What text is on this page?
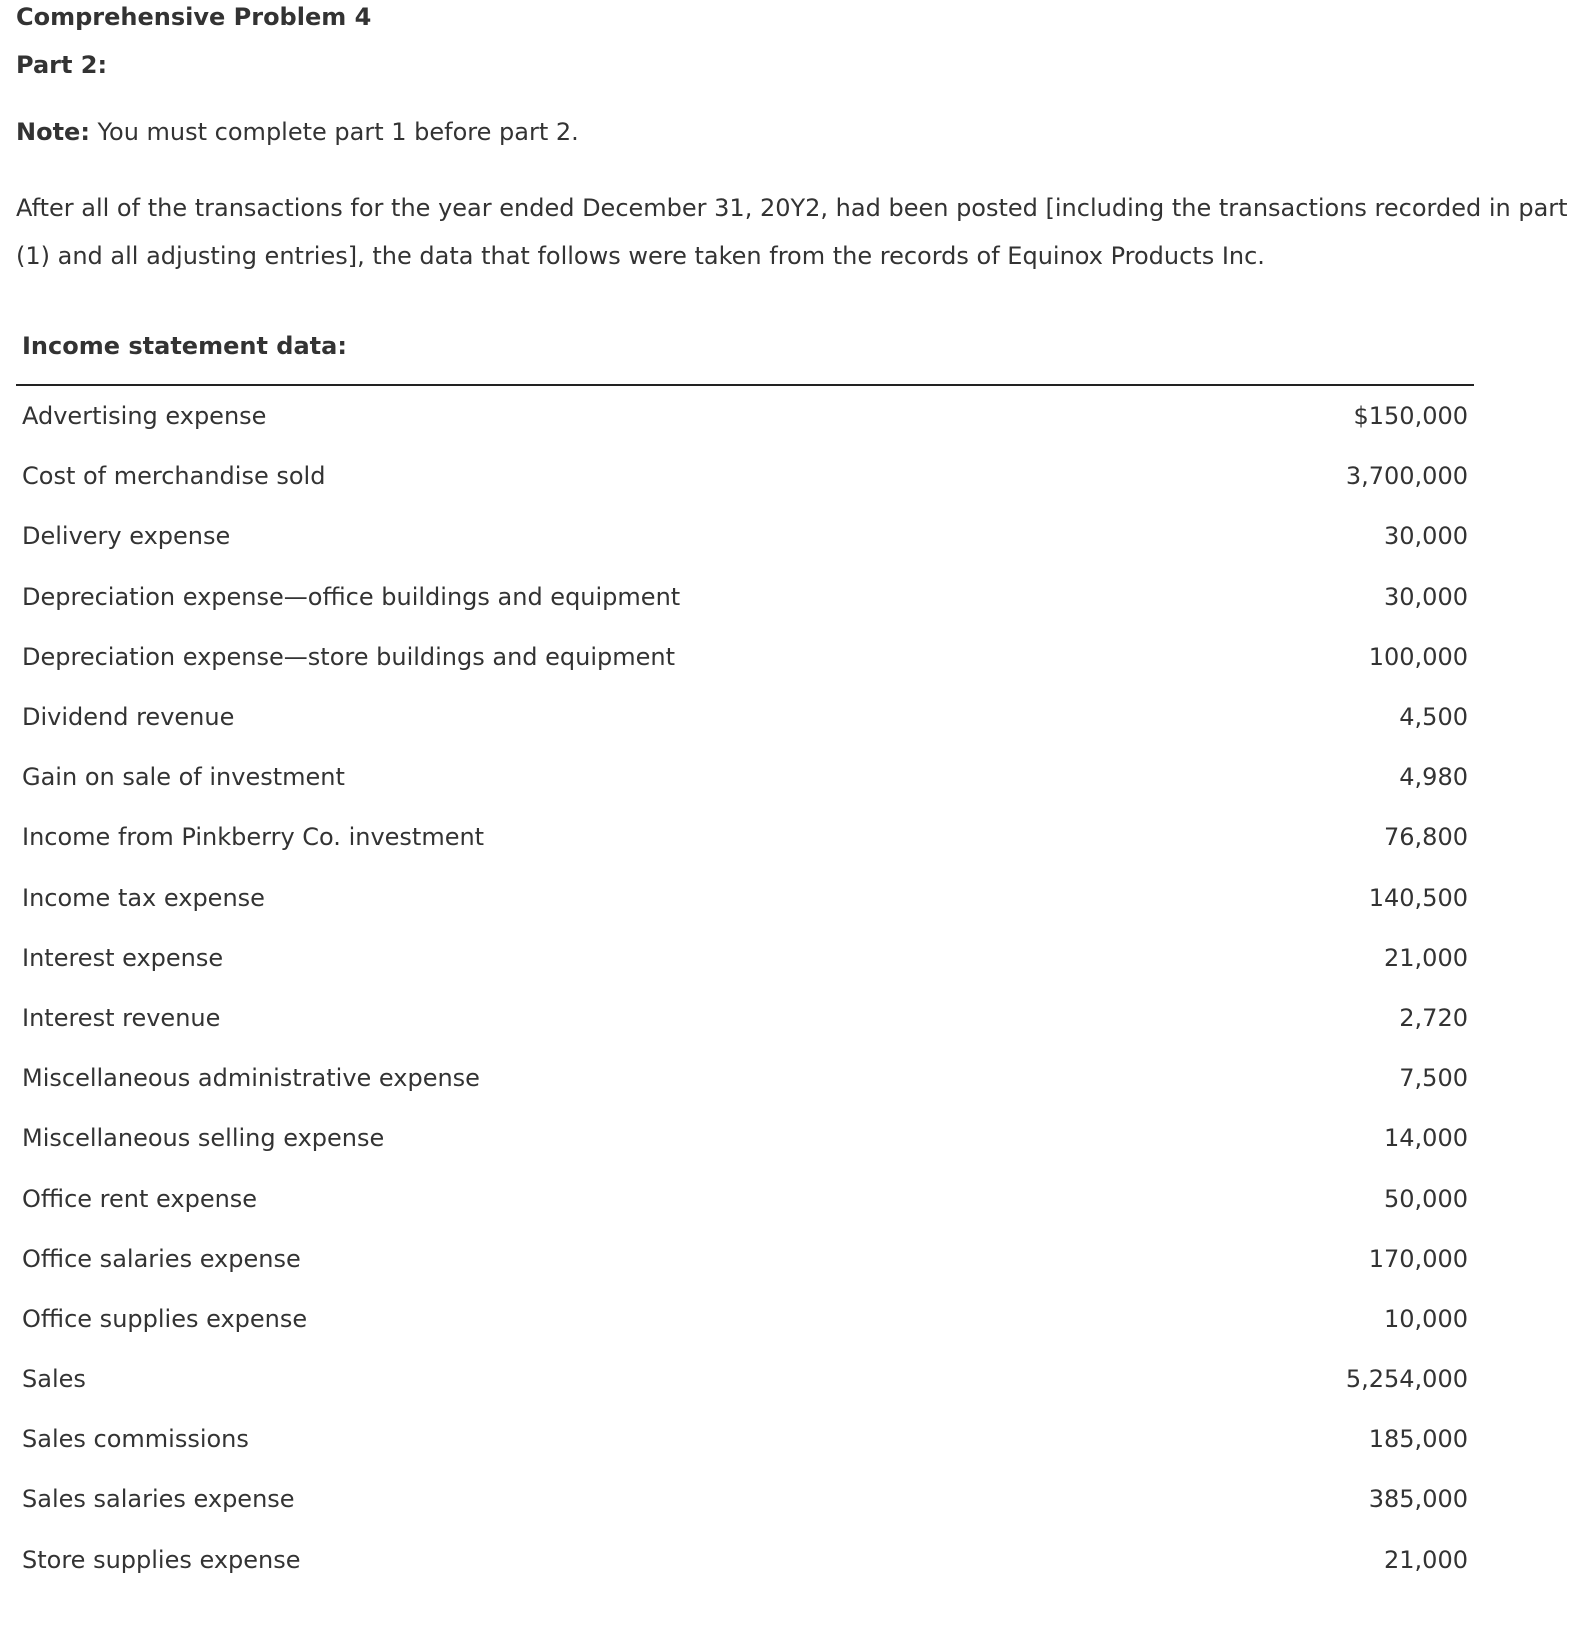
Comprehensive Problem 4
Part 2:
Note: You must complete part 1 before part 2.
After all of the transactions for the year ended December 31, 20Y2, had been posted [including the transactions recorded in part (1) and all adjusting entries], the data that follows were taken from the records of Equinox Products Inc.
Income statement data:
Advertising expense	$150,000
Cost of merchandise sold	3,700,000
Delivery expense	30,000
Depreciation expense—office buildings and equipment	30,000
Depreciation expense—store buildings and equipment	100,000
Dividend revenue	4,500
Gain on sale of investment	4,980
Income from Pinkberry Co. investment	76,800
Income tax expense	140,500
Interest expense	21,000
Interest revenue	2,720
Miscellaneous administrative expense	7,500
Miscellaneous selling expense	14,000
Office rent expense	50,000
Office salaries expense	170,000
Office supplies expense	10,000
Sales	5,254,000
Sales commissions	185,000
Sales salaries expense	385,000
Store supplies expense	21,000
